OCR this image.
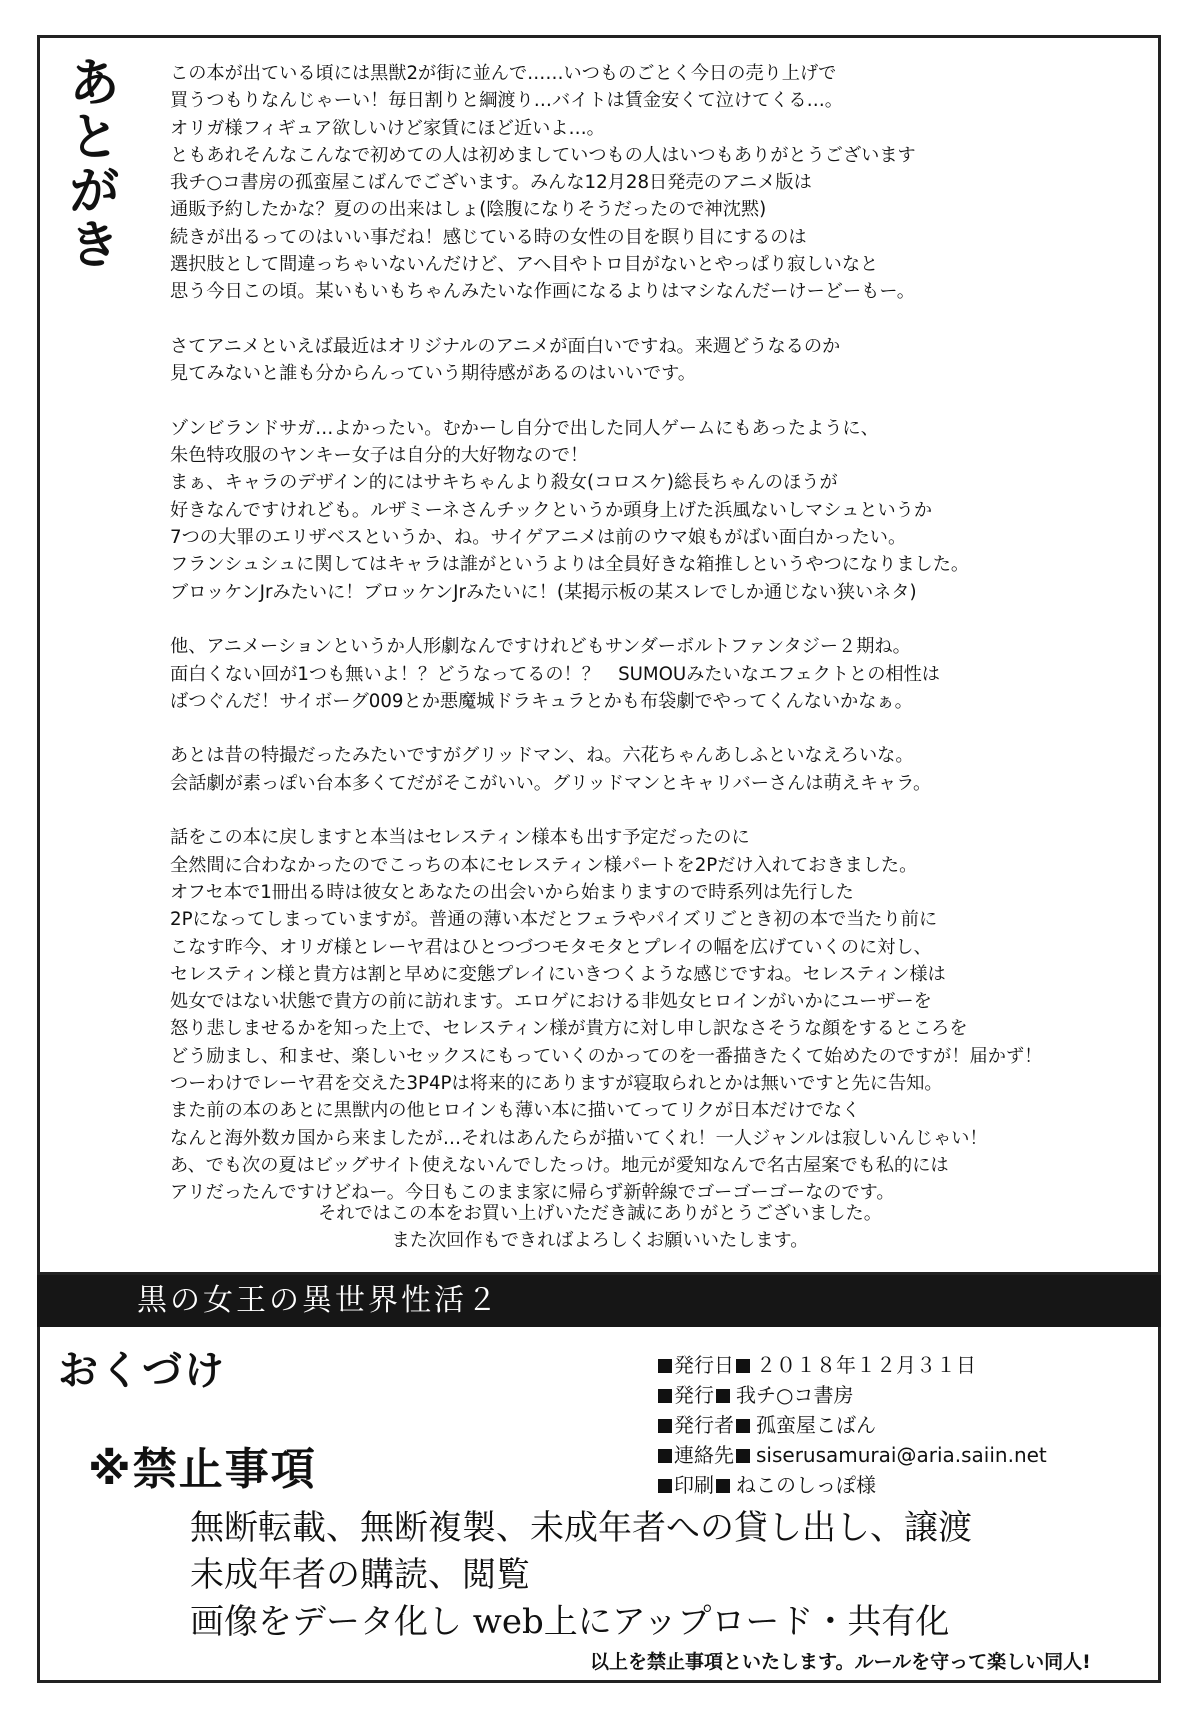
あとがき	この本が出ている頃には黒獣2が街に並んで……いつものごとく今日の売り上げで
買うつもりなんじゃーい！毎日割りと綱渡り…バイトは賃金安くて泣けてくる…。
オリガ様フィギュア欲しいけど家賃にほど近いよ…。
ともあれそんなこんなで初めての人は初めましていつもの人はいつもありがとうございます
我チ○コ書房の孤蛮屋こばんでございます。みんな12月28日発売のアニメ版は
通販予約したかな？夏のの出来はしょ(陰腹になりそうだったので神沈黙)
続きが出るってのはいい事だね！感じている時の女性の目を瞑り目にするのは
選択肢として間違っちゃいないんだけど、アヘ目やトロ目がないとやっぱり寂しいなと
思う今日この頃。某いもいもちゃんみたいな作画になるよりはマシなんだーけーどーもー。
さてアニメといえば最近はオリジナルのアニメが面白いですね。来週どうなるのか
見てみないと誰も分からんっていう期待感があるのはいいです。
ゾンビランドサガ…よかったい。むかーし自分で出した同人ゲームにもあったように、
朱色特攻服のヤンキー女子は自分的大好物なので！
まぁ、キャラのデザイン的にはサキちゃんより殺女(コロスケ)総長ちゃんのほうが
好きなんですけれども。ルザミーネさんチックというか頭身上げた浜風ないしマシュというか
7つの大罪のエリザベスというか、ね。サイゲアニメは前のウマ娘もがばい面白かったい。
フランシュシュに関してはキャラは誰がというよりは全員好きな箱推しというやつになりました。
ブロッケンJrみたいに！ブロッケンJrみたいに！(某掲示板の某スレでしか通じない狭いネタ)
他、アニメーションというか人形劇なんですけれどもサンダーボルトファンタジー２期ね。
面白くない回が1つも無いよ！？どうなってるの！？　SUMOUみたいなエフェクトとの相性は
ばつぐんだ！サイボーグ009とか悪魔城ドラキュラとかも布袋劇でやってくんないかなぁ。
あとは昔の特撮だったみたいですがグリッドマン、ね。六花ちゃんあしふといなえろいな。
会話劇が素っぽい台本多くてだがそこがいい。グリッドマンとキャリバーさんは萌えキャラ。
話をこの本に戻しますと本当はセレスティン様本も出す予定だったのに
全然間に合わなかったのでこっちの本にセレスティン様パートを2Pだけ入れておきました。
オフセ本で1冊出る時は彼女とあなたの出会いから始まりますので時系列は先行した
2Pになってしまっていますが。普通の薄い本だとフェラやパイズリごとき初の本で当たり前に
こなす昨今、オリガ様とレーヤ君はひとつづつモタモタとプレイの幅を広げていくのに対し、
セレスティン様と貴方は割と早めに変態プレイにいきつくような感じですね。セレスティン様は
処女ではない状態で貴方の前に訪れます。エロゲにおける非処女ヒロインがいかにユーザーを
怒り悲しませるかを知った上で、セレスティン様が貴方に対し申し訳なさそうな顔をするところを
どう励まし、和ませ、楽しいセックスにもっていくのかってのを一番描きたくて始めたのですが！届かず！
つーわけでレーヤ君を交えた3P4Pは将来的にありますが寝取られとかは無いですと先に告知。
また前の本のあとに黒獣内の他ヒロインも薄い本に描いてってリクが日本だけでなく
なんと海外数カ国から来ましたが…それはあんたらが描いてくれ！一人ジャンルは寂しいんじゃい！
あ、でも次の夏はビッグサイト使えないんでしたっけ。地元が愛知なんで名古屋案でも私的には
アリだったんですけどねー。今日もこのまま家に帰らず新幹線でゴーゴーゴーなのです。
それではこの本をお買い上げいただき誠にありがとうございました。
また次回作もできればよろしくお願いいたします。
黒の女王の異世界性活２
おくづけ	発行日 ２０１８年１２月３１日
発行 我チ○コ書房
発行者 孤蛮屋こばん
連絡先 siserusamurai@aria.saiin.net
印刷 ねこのしっぽ様
※禁止事項
無断転載、無断複製、未成年者への貸し出し、譲渡
未成年者の購読、閲覧
画像をデータ化し web上にアップロード・共有化
以上を禁止事項といたします。ルールを守って楽しい同人!
